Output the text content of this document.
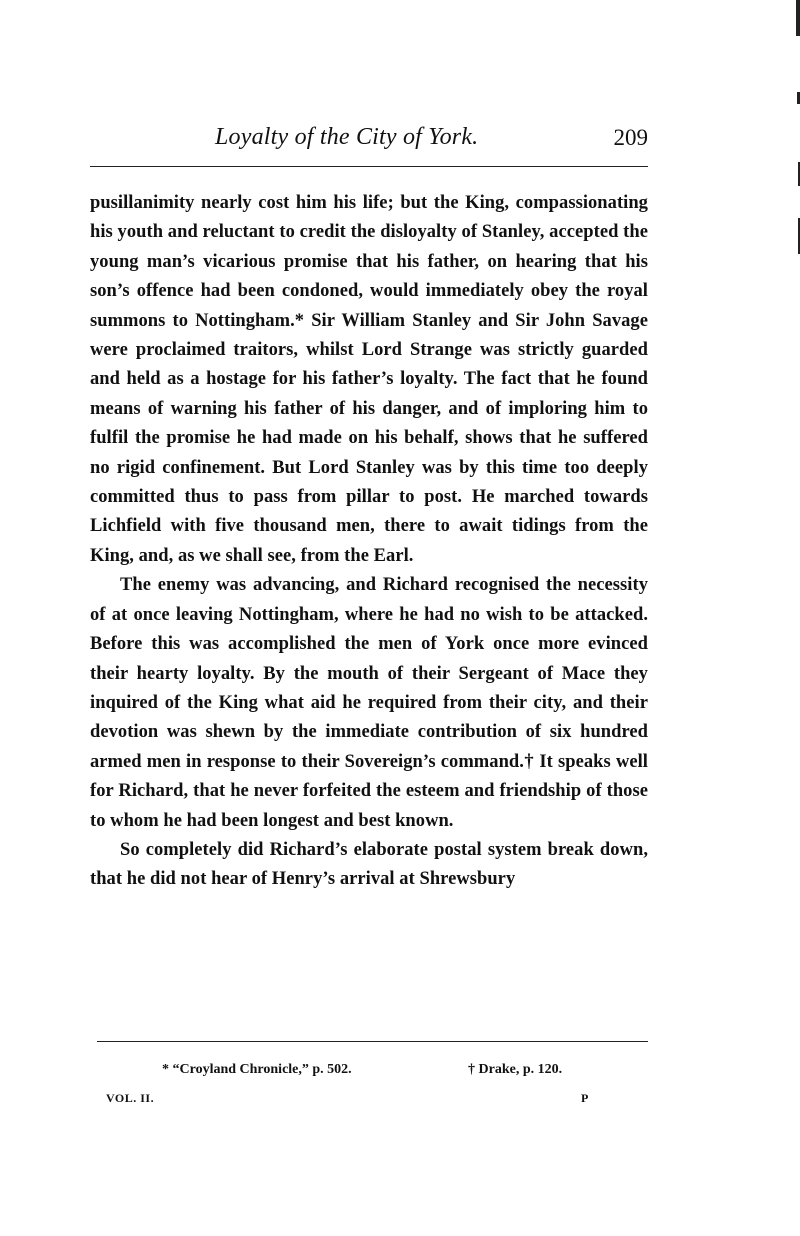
Loyalty of the City of York.	209

pusillanimity nearly cost him his life; but the King, compassionating his youth and reluctant to credit the disloyalty of Stanley, accepted the young man’s vicarious promise that his father, on hearing that his son’s offence had been condoned, would immediately obey the royal summons to Nottingham.* Sir William Stanley and Sir John Savage were proclaimed traitors, whilst Lord Strange was strictly guarded and held as a hostage for his father’s loyalty. The fact that he found means of warning his father of his danger, and of imploring him to fulfil the promise he had made on his behalf, shows that he suffered no rigid confinement. But Lord Stanley was by this time too deeply committed thus to pass from pillar to post. He marched towards Lichfield with five thousand men, there to await tidings from the King, and, as we shall see, from the Earl.

The enemy was advancing, and Richard recognised the necessity of at once leaving Nottingham, where he had no wish to be attacked. Before this was accomplished the men of York once more evinced their hearty loyalty. By the mouth of their Sergeant of Mace they inquired of the King what aid he required from their city, and their devotion was shewn by the immediate contribution of six hundred armed men in response to their Sovereign’s command.† It speaks well for Richard, that he never forfeited the esteem and friendship of those to whom he had been longest and best known.

So completely did Richard’s elaborate postal system break down, that he did not hear of Henry’s arrival at Shrewsbury

* “Croyland Chronicle,” p. 502.	† Drake, p. 120.
VOL. II.	P
